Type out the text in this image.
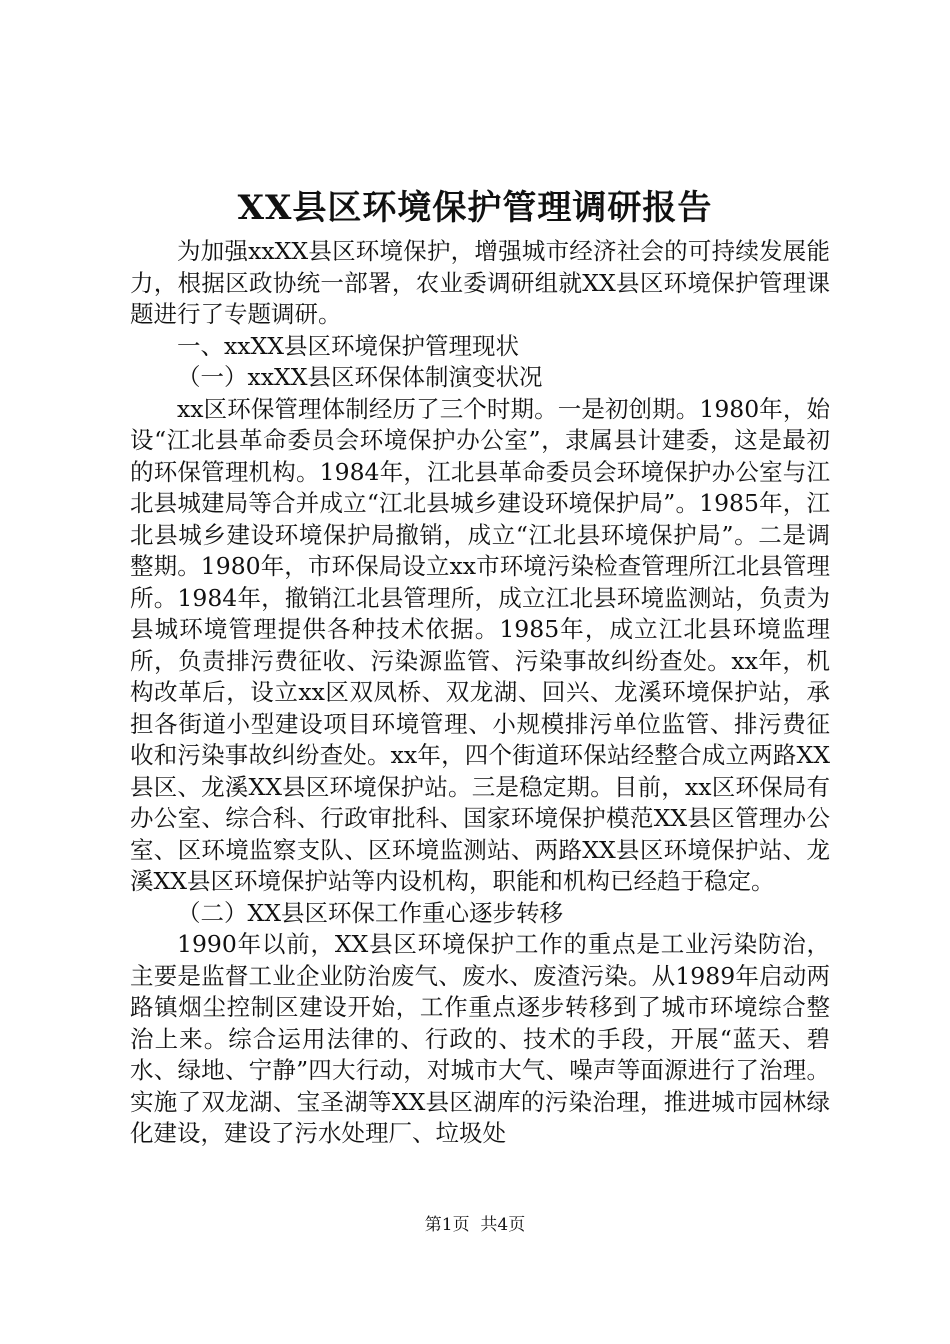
XX县区环境保护管理调研报告

为加强xxXX县区环境保护，增强城市经济社会的可持续发展能力，根据区政协统一部署，农业委调研组就XX县区环境保护管理课题进行了专题调研。

一、xxXX县区环境保护管理现状

（一）xxXX县区环保体制演变状况

xx区环保管理体制经历了三个时期。一是初创期。1980年，始设“江北县革命委员会环境保护办公室”，隶属县计建委，这是最初的环保管理机构。1984年，江北县革命委员会环境保护办公室与江北县城建局等合并成立“江北县城乡建设环境保护局”。1985年，江北县城乡建设环境保护局撤销，成立“江北县环境保护局”。二是调整期。1980年，市环保局设立xx市环境污染检查管理所江北县管理所。1984年，撤销江北县管理所，成立江北县环境监测站，负责为县城环境管理提供各种技术依据。1985年，成立江北县环境监理所，负责排污费征收、污染源监管、污染事故纠纷查处。xx年，机构改革后，设立xx区双凤桥、双龙湖、回兴、龙溪环境保护站，承担各街道小型建设项目环境管理、小规模排污单位监管、排污费征收和污染事故纠纷查处。xx年，四个街道环保站经整合成立两路XX县区、龙溪XX县区环境保护站。三是稳定期。目前，xx区环保局有办公室、综合科、行政审批科、国家环境保护模范XX县区管理办公室、区环境监察支队、区环境监测站、两路XX县区环境保护站、龙溪XX县区环境保护站等内设机构，职能和机构已经趋于稳定。

（二）XX县区环保工作重心逐步转移

1990年以前，XX县区环境保护工作的重点是工业污染防治，主要是监督工业企业防治废气、废水、废渣污染。从1989年启动两路镇烟尘控制区建设开始，工作重点逐步转移到了城市环境综合整治上来。综合运用法律的、行政的、技术的手段，开展“蓝天、碧水、绿地、宁静”四大行动，对城市大气、噪声等面源进行了治理。实施了双龙湖、宝圣湖等XX县区湖库的污染治理，推进城市园林绿化建设，建设了污水处理厂、垃圾处

第1页  共4页
